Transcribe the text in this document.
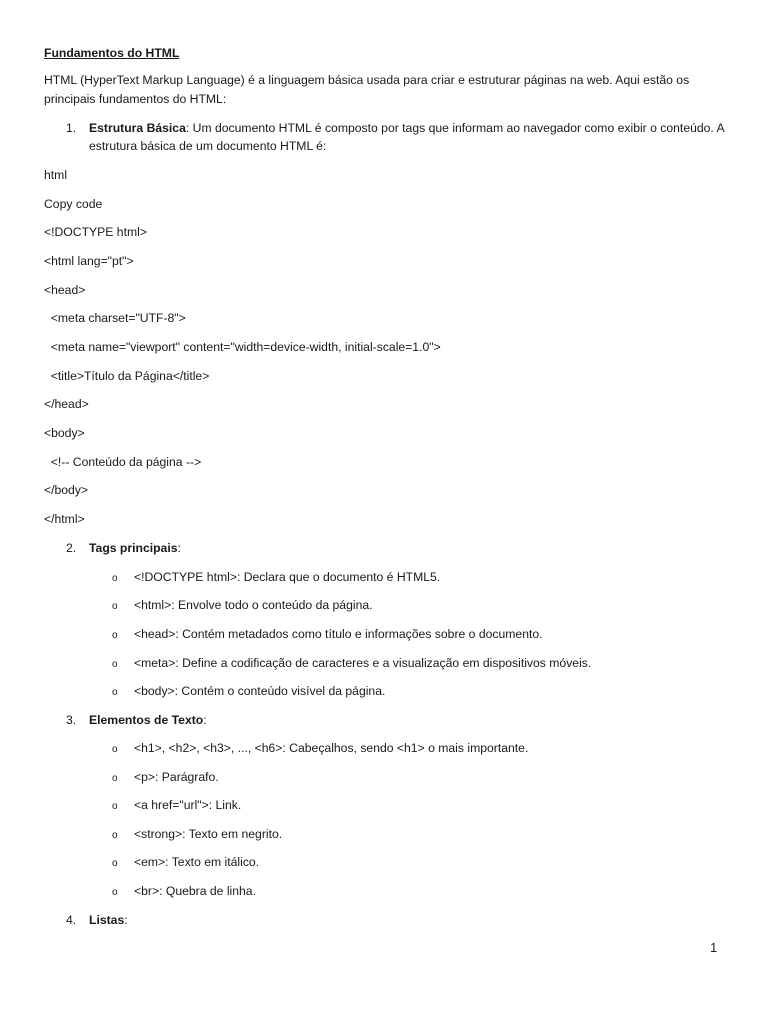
Fundamentos do HTML
HTML (HyperText Markup Language) é a linguagem básica usada para criar e estruturar páginas na web. Aqui estão os
principais fundamentos do HTML:
1. Estrutura Básica: Um documento HTML é composto por tags que informam ao navegador como exibir o conteúdo. A
estrutura básica de um documento HTML é:
html
Copy code
<!DOCTYPE html>
<html lang="pt">
<head>
<meta charset="UTF-8">
<meta name="viewport" content="width=device-width, initial-scale=1.0">
<title>Título da Página</title>
</head>
<body>
<!-- Conteúdo da página -->
</body>
</html>
2. Tags principais:
o <!DOCTYPE html>: Declara que o documento é HTML5.
o <html>: Envolve todo o conteúdo da página.
o <head>: Contém metadados como título e informações sobre o documento.
o <meta>: Define a codificação de caracteres e a visualização em dispositivos móveis.
o <body>: Contém o conteúdo visível da página.
3. Elementos de Texto:
o <h1>, <h2>, <h3>, ..., <h6>: Cabeçalhos, sendo <h1> o mais importante.
o <p>: Parágrafo.
o <a href="url">: Link.
o <strong>: Texto em negrito.
o <em>: Texto em itálico.
o <br>: Quebra de linha.
4. Listas:
1
